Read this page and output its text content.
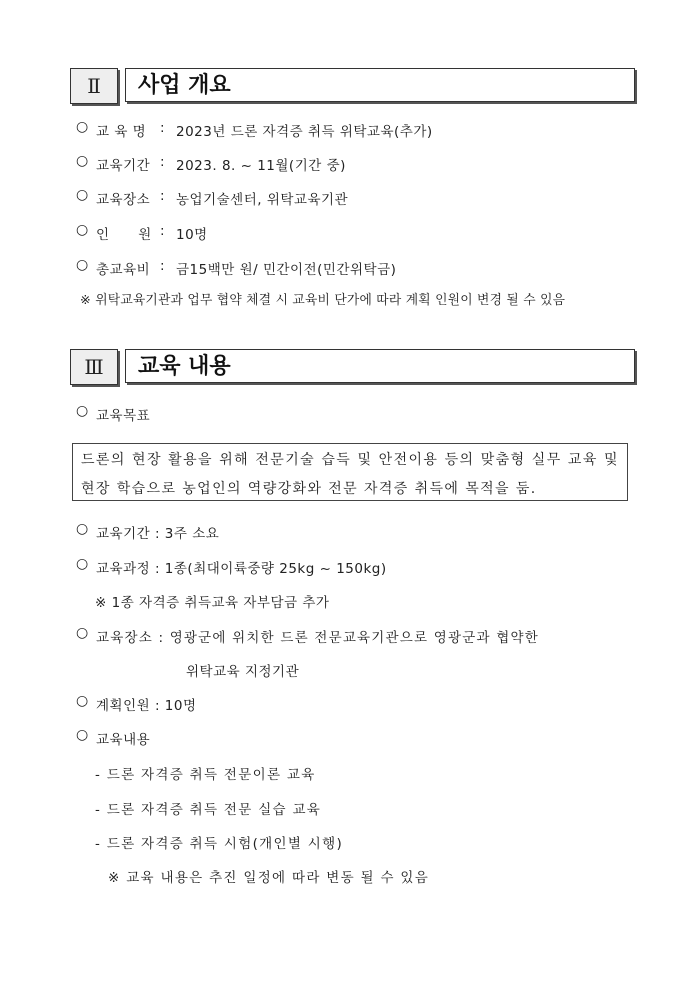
Ⅱ	사업 개요
○ 교 육 명 : 2023년 드론 자격증 취득 위탁교육(추가)
○ 교육기간 : 2023. 8. ~ 11월(기간 중)
○ 교육장소 : 농업기술센터, 위탁교육기관
○ 인      원 : 10명
○ 총교육비 : 금15백만 원/ 민간이전(민간위탁금)
※ 위탁교육기관과 업무 협약 체결 시 교육비 단가에 따라 계획 인원이 변경 될 수 있음
Ⅲ	교육 내용
○ 교육목표
드론의 현장 활용을 위해 전문기술 습득 및 안전이용 등의 맞춤형 실무 교육 및 현장 학습으로 농업인의 역량강화와 전문 자격증 취득에 목적을 둠.
○ 교육기간 : 3주 소요
○ 교육과정 : 1종(최대이륙중량 25kg ~ 150kg)
※ 1종 자격증 취득교육 자부담금 추가
○ 교육장소 : 영광군에 위치한 드론 전문교육기관으로 영광군과 협약한
위탁교육 지정기관
○ 계획인원 : 10명
○ 교육내용
- 드론 자격증 취득 전문이론 교육
- 드론 자격증 취득 전문 실습 교육
- 드론 자격증 취득 시험(개인별 시행)
※ 교육 내용은 추진 일정에 따라 변동 될 수 있음
